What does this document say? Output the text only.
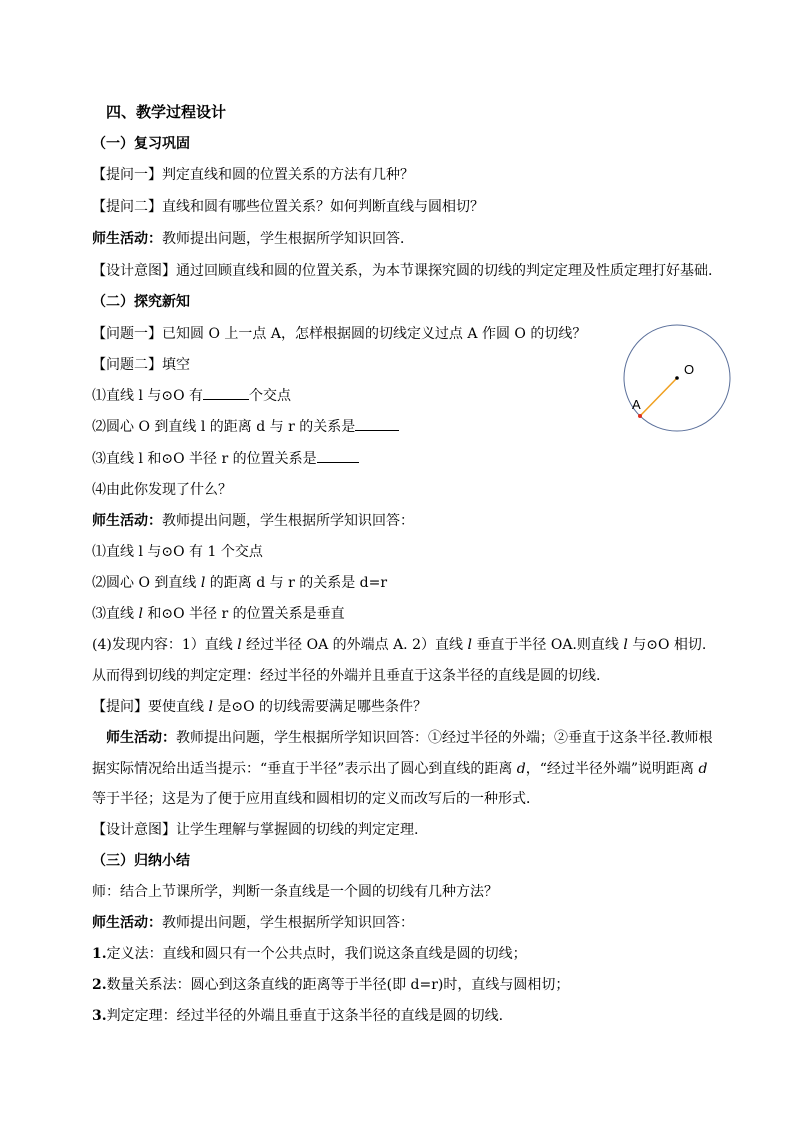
四、教学过程设计
（一）复习巩固
【提问一】判定直线和圆的位置关系的方法有几种？
【提问二】直线和圆有哪些位置关系？如何判断直线与圆相切？
师生活动：教师提出问题，学生根据所学知识回答．
【设计意图】通过回顾直线和圆的位置关系，为本节课探究圆的切线的判定定理及性质定理打好基础.
（二）探究新知
【问题一】已知圆 O 上一点 A，怎样根据圆的切线定义过点 A 作圆 O 的切线？
【问题二】填空
⑴直线 l 与⊙O 有	个交点
⑵圆心 O 到直线 l 的距离 d 与 r 的关系是
⑶直线 l 和⊙O 半径 r 的位置关系是
⑷由此你发现了什么？
师生活动：教师提出问题，学生根据所学知识回答：
⑴直线 l 与⊙O 有 1 个交点
⑵圆心 O 到直线 l 的距离 d 与 r 的关系是 d=r
⑶直线 l 和⊙O 半径 r 的位置关系是垂直
(4)发现内容：1）直线 l 经过半径 OA 的外端点 A. 2）直线 l 垂直于半径 OA.则直线 l 与⊙O 相切.
从而得到切线的判定定理：经过半径的外端并且垂直于这条半径的直线是圆的切线.
【提问】要使直线 l 是⊙O 的切线需要满足哪些条件？
师生活动：教师提出问题，学生根据所学知识回答：①经过半径的外端；②垂直于这条半径.教师根
据实际情况给出适当提示：“垂直于半径”表示出了圆心到直线的距离 d，“经过半径外端”说明距离 d
等于半径；这是为了便于应用直线和圆相切的定义而改写后的一种形式．
【设计意图】让学生理解与掌握圆的切线的判定定理.
（三）归纳小结
师：结合上节课所学，判断一条直线是一个圆的切线有几种方法？
师生活动：教师提出问题，学生根据所学知识回答：
1.定义法：直线和圆只有一个公共点时，我们说这条直线是圆的切线；
2.数量关系法：圆心到这条直线的距离等于半径(即 d=r)时，直线与圆相切；
3.判定定理：经过半径的外端且垂直于这条半径的直线是圆的切线.
O
A
